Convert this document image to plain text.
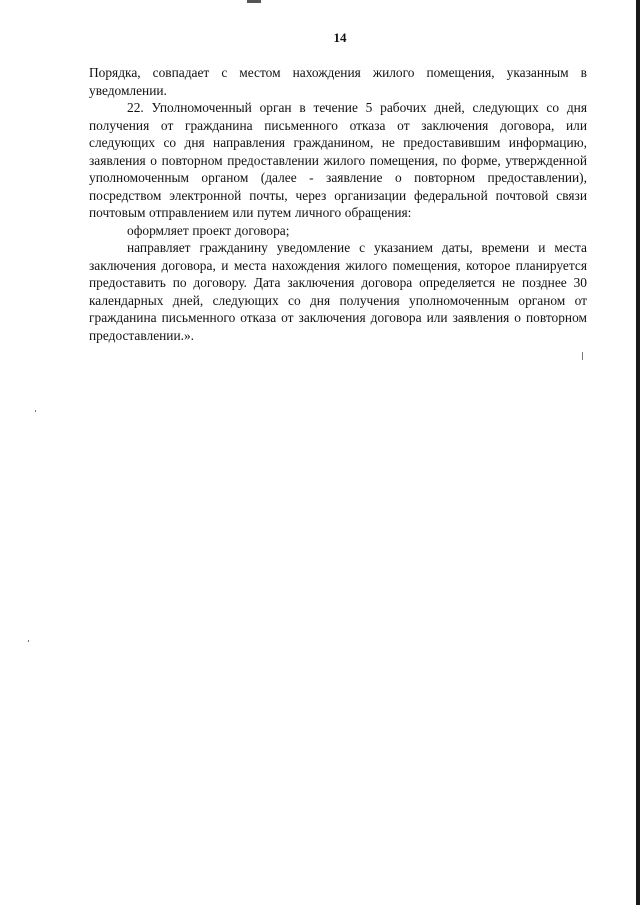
14

Порядка, совпадает с местом нахождения жилого помещения, указанным в уведомлении.

22. Уполномоченный орган в течение 5 рабочих дней, следующих со дня получения от гражданина письменного отказа от заключения договора, или следующих со дня направления гражданином, не предоставившим информацию, заявления о повторном предоставлении жилого помещения, по форме, утвержденной уполномоченным органом (далее - заявление о повторном предоставлении), посредством электронной почты, через организации федеральной почтовой связи почтовым отправлением или путем личного обращения:

оформляет проект договора;

направляет гражданину уведомление с указанием даты, времени и места заключения договора, и места нахождения жилого помещения, которое планируется предоставить по договору. Дата заключения договора определяется не позднее 30 календарных дней, следующих со дня получения уполномоченным органом от гражданина письменного отказа от заключения договора или заявления о повторном предоставлении.».
